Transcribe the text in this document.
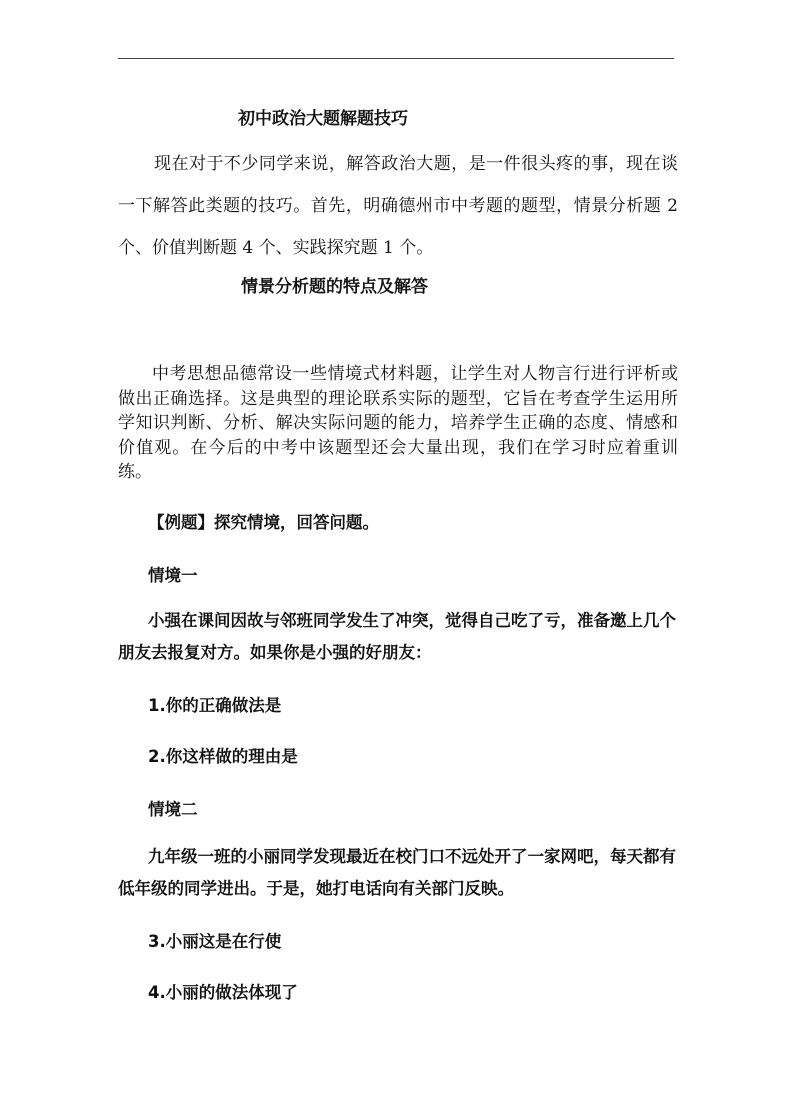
初中政治大题解题技巧
现在对于不少同学来说，解答政治大题，是一件很头疼的事，现在谈一下解答此类题的技巧。首先，明确德州市中考题的题型，情景分析题 2 个、价值判断题 4 个、实践探究题 1 个。
情景分析题的特点及解答
中考思想品德常设一些情境式材料题，让学生对人物言行进行评析或做出正确选择。这是典型的理论联系实际的题型，它旨在考查学生运用所学知识判断、分析、解决实际问题的能力，培养学生正确的态度、情感和价值观。在今后的中考中该题型还会大量出现，我们在学习时应着重训练。
【例题】探究情境，回答问题。
情境一
小强在课间因故与邻班同学发生了冲突，觉得自己吃了亏，准备邀上几个朋友去报复对方。如果你是小强的好朋友：
1.你的正确做法是
2.你这样做的理由是
情境二
九年级一班的小丽同学发现最近在校门口不远处开了一家网吧，每天都有低年级的同学进出。于是，她打电话向有关部门反映。
3.小丽这是在行使
4.小丽的做法体现了
